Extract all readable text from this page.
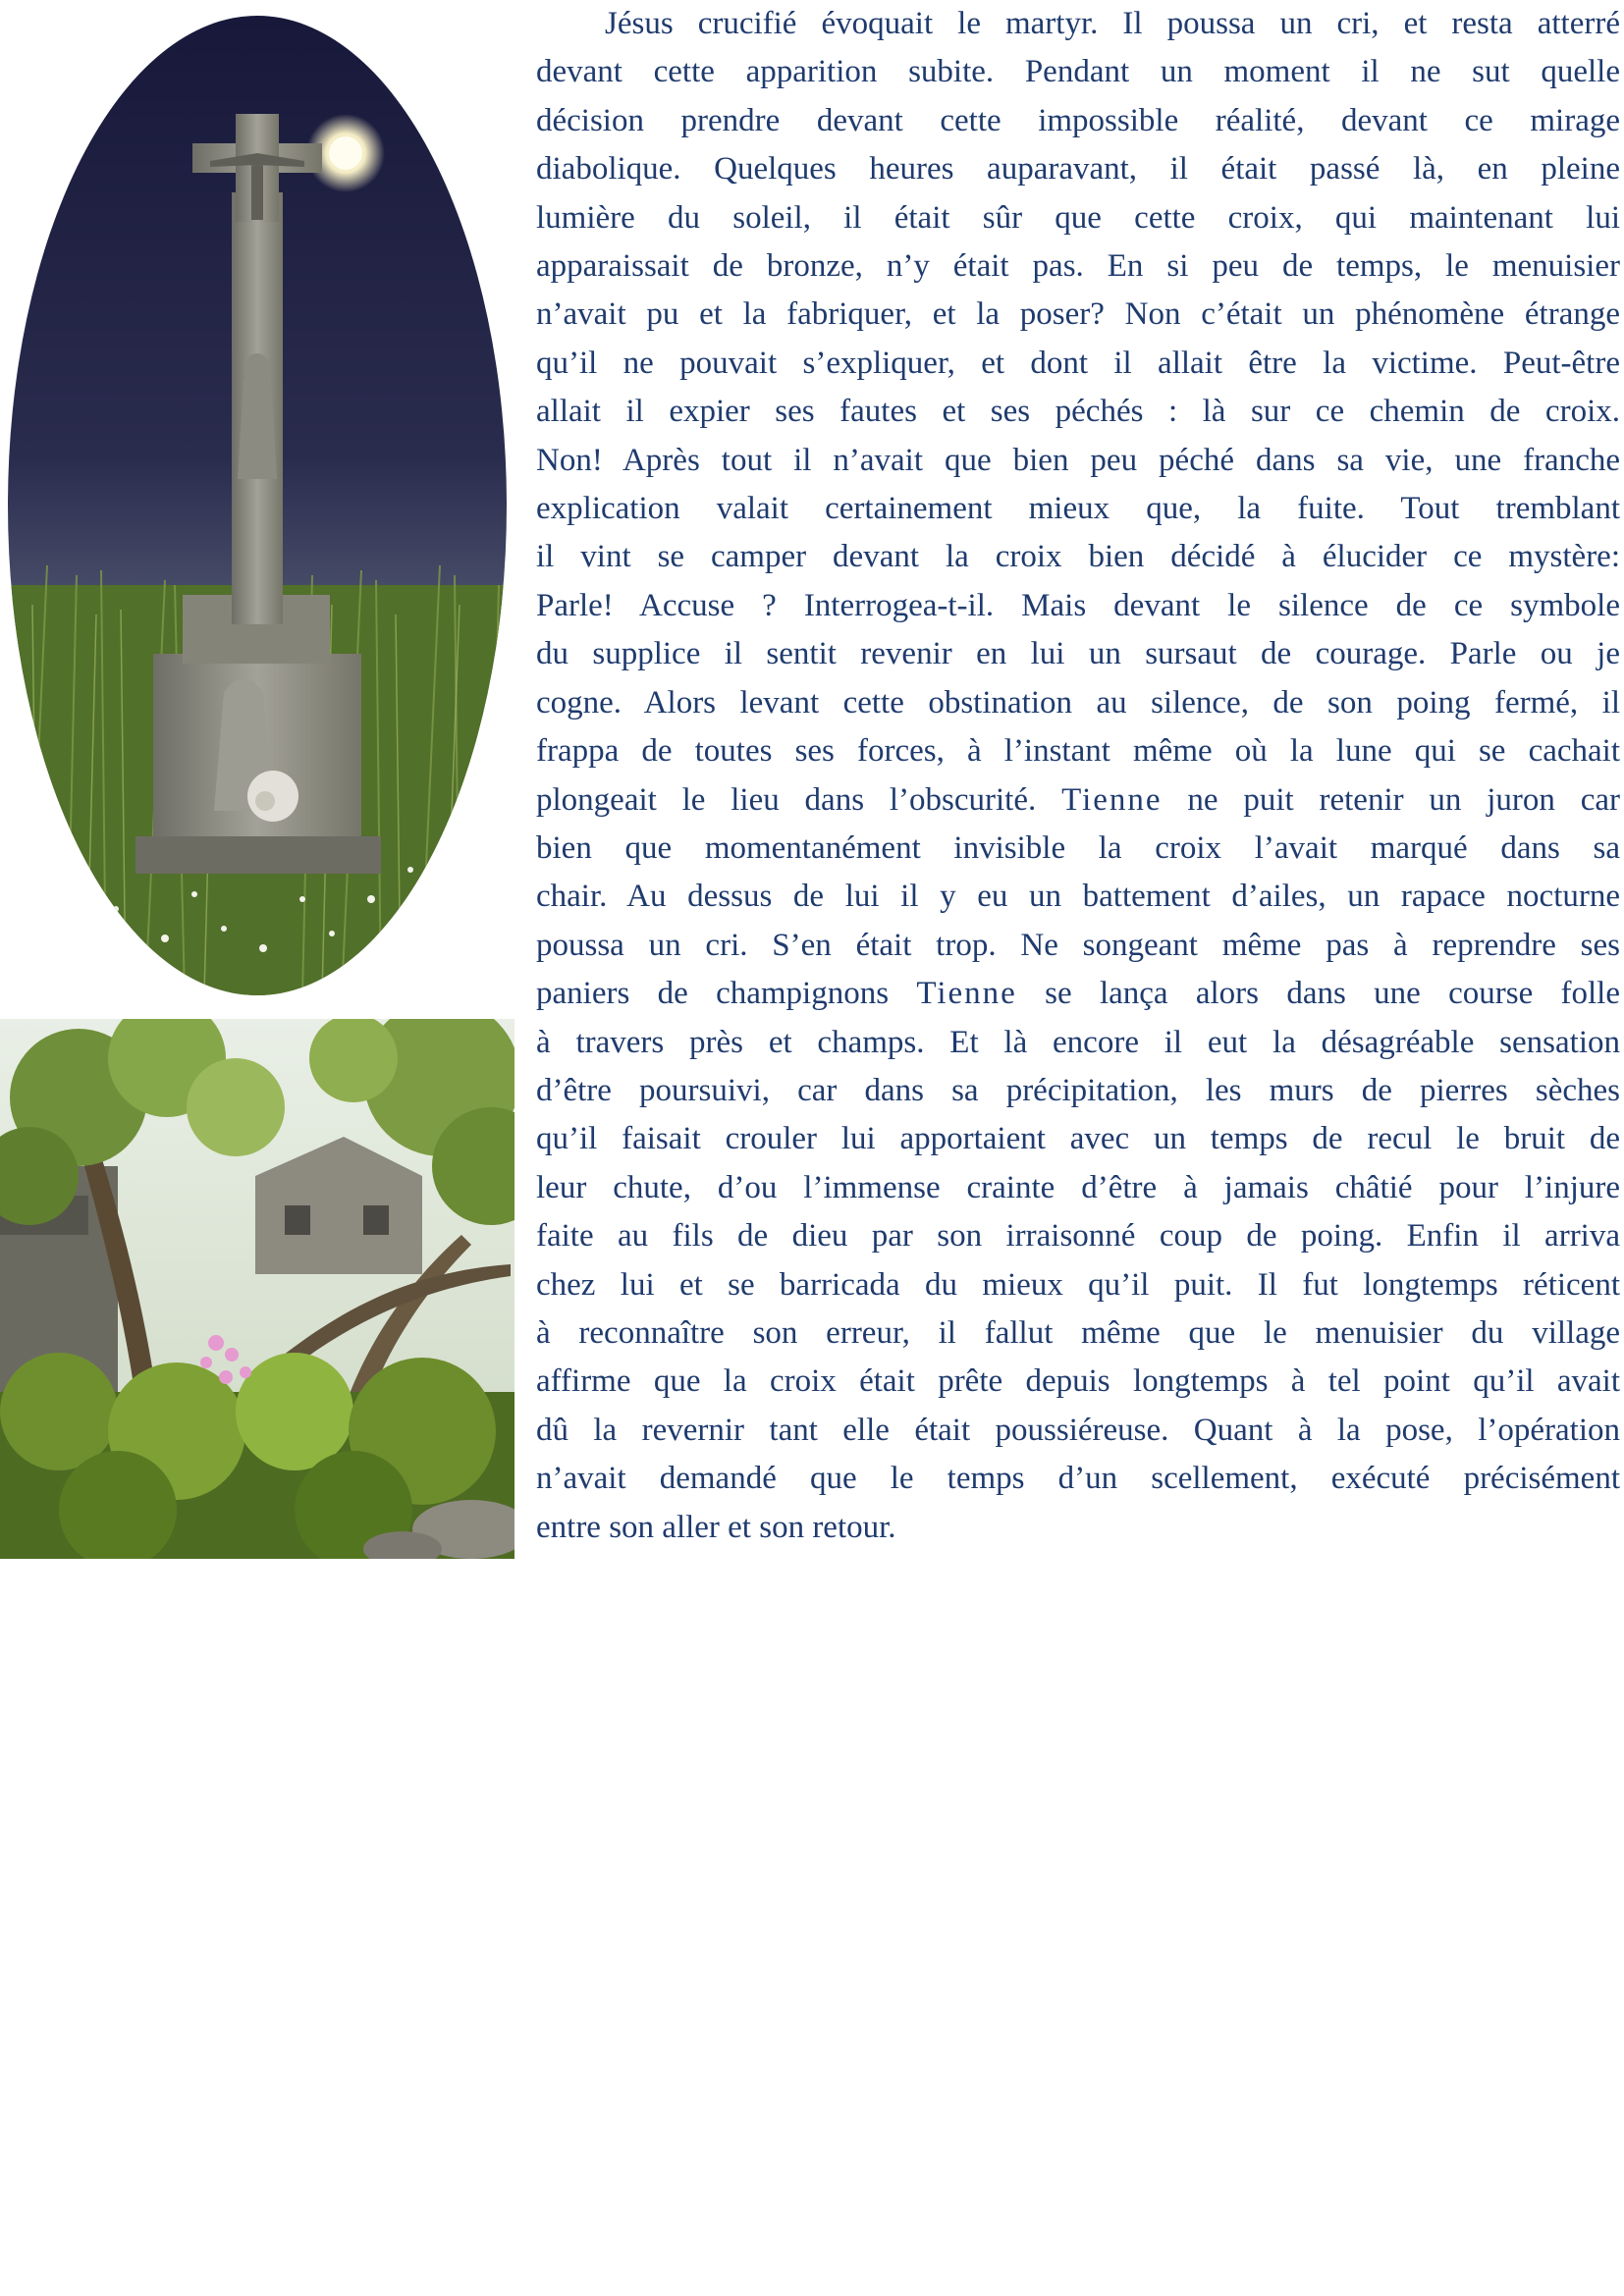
Jésus crucifié évoquait le martyr. Il poussa un cri, et resta atterré
devant cette apparition subite. Pendant un moment il ne sut quelle
décision prendre devant cette impossible réalité, devant ce mirage
diabolique. Quelques heures auparavant, il était passé là, en pleine
lumière du soleil, il était sûr que cette croix, qui maintenant lui
apparaissait de bronze, n’y était pas. En si peu de temps, le menuisier
n’avait pu et la fabriquer, et la poser? Non c’était un phénomène étrange
qu’il ne pouvait s’expliquer, et dont il allait être la victime. Peut-être
allait il expier ses fautes et ses péchés : là sur ce chemin de croix.
Non! Après tout il n’avait que bien peu péché dans sa vie, une franche
explication valait certainement mieux que, la fuite. Tout tremblant
il vint se camper devant la croix bien décidé à élucider ce mystère:
Parle! Accuse ? Interrogea-t-il. Mais devant le silence de ce symbole
du supplice il sentit revenir en lui un sursaut de courage. Parle ou je
cogne. Alors levant cette obstination au silence, de son poing fermé, il
frappa de toutes ses forces, à l’instant même où la lune qui se cachait
plongeait le lieu dans l’obscurité. Tienne ne puit retenir un juron car
bien que momentanément invisible la croix l’avait marqué dans sa
chair. Au dessus de lui il y eu un battement d’ailes, un rapace nocturne
poussa un cri. S’en était trop. Ne songeant même pas à reprendre ses
paniers de champignons Tienne se lança alors dans une course folle
à travers près et champs. Et là encore il eut la désagréable sensation
d’être poursuivi, car dans sa précipitation, les murs de pierres sèches
qu’il faisait crouler lui apportaient avec un temps de recul le bruit de
leur chute, d’ou l’immense crainte d’être à jamais châtié pour l’injure
faite au fils de dieu par son irraisonné coup de poing. Enfin il arriva
chez lui et se barricada du mieux qu’il puit. Il fut longtemps réticent
à reconnaître son erreur, il fallut même que le menuisier du village
affirme que la croix était prête depuis longtemps à tel point qu’il avait
dû la revernir tant elle était poussiéreuse. Quant à la pose, l’opération
n’avait demandé que le temps d’un scellement, exécuté précisément
entre son aller et son retour.
